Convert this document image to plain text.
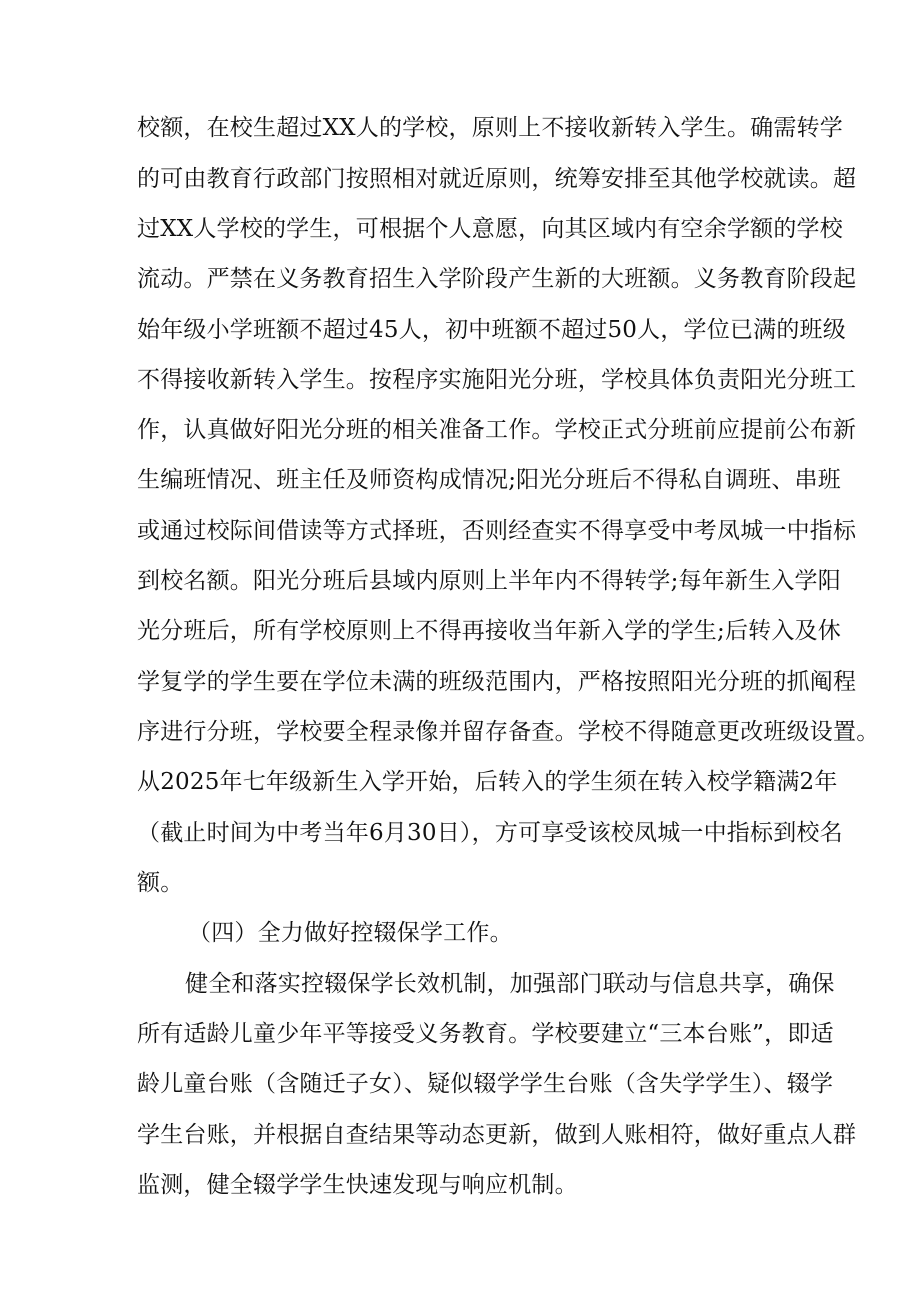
校额，在校生超过XX人的学校，原则上不接收新转入学生。确需转学
的可由教育行政部门按照相对就近原则，统筹安排至其他学校就读。超
过XX人学校的学生，可根据个人意愿，向其区域内有空余学额的学校
流动。严禁在义务教育招生入学阶段产生新的大班额。义务教育阶段起
始年级小学班额不超过45人，初中班额不超过50人，学位已满的班级
不得接收新转入学生。按程序实施阳光分班，学校具体负责阳光分班工
作，认真做好阳光分班的相关准备工作。学校正式分班前应提前公布新
生编班情况、班主任及师资构成情况;阳光分班后不得私自调班、串班
或通过校际间借读等方式择班，否则经查实不得享受中考凤城一中指标
到校名额。阳光分班后县域内原则上半年内不得转学;每年新生入学阳
光分班后，所有学校原则上不得再接收当年新入学的学生;后转入及休
学复学的学生要在学位未满的班级范围内，严格按照阳光分班的抓阄程
序进行分班，学校要全程录像并留存备查。学校不得随意更改班级设置。
从2025年七年级新生入学开始，后转入的学生须在转入校学籍满2年
（截止时间为中考当年6月30日），方可享受该校凤城一中指标到校名
额。
（四）全力做好控辍保学工作。
健全和落实控辍保学长效机制，加强部门联动与信息共享，确保
所有适龄儿童少年平等接受义务教育。学校要建立“三本台账”，即适
龄儿童台账（含随迁子女）、疑似辍学学生台账（含失学学生）、辍学
学生台账，并根据自查结果等动态更新，做到人账相符，做好重点人群
监测，健全辍学学生快速发现与响应机制。
